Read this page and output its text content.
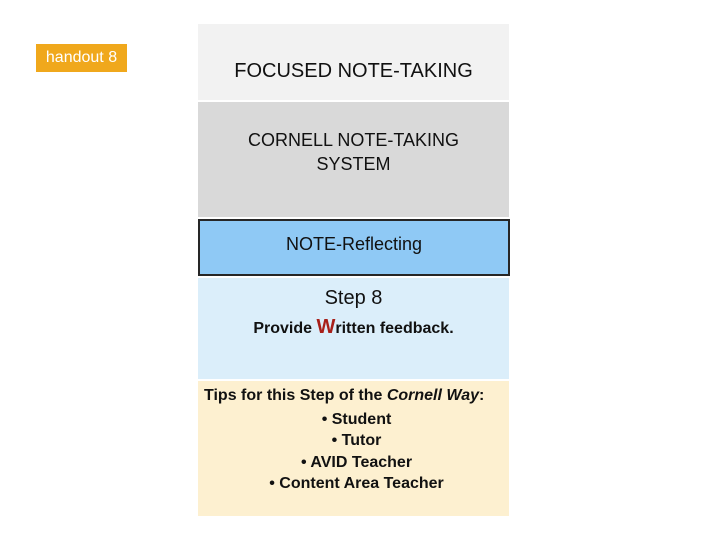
handout 8
FOCUSED NOTE-TAKING
CORNELL NOTE-TAKING
SYSTEM
NOTE-Reflecting
Step 8
Provide Written feedback.
Tips for this Step of the Cornell Way:
• Student
• Tutor
• AVID Teacher
• Content Area Teacher
